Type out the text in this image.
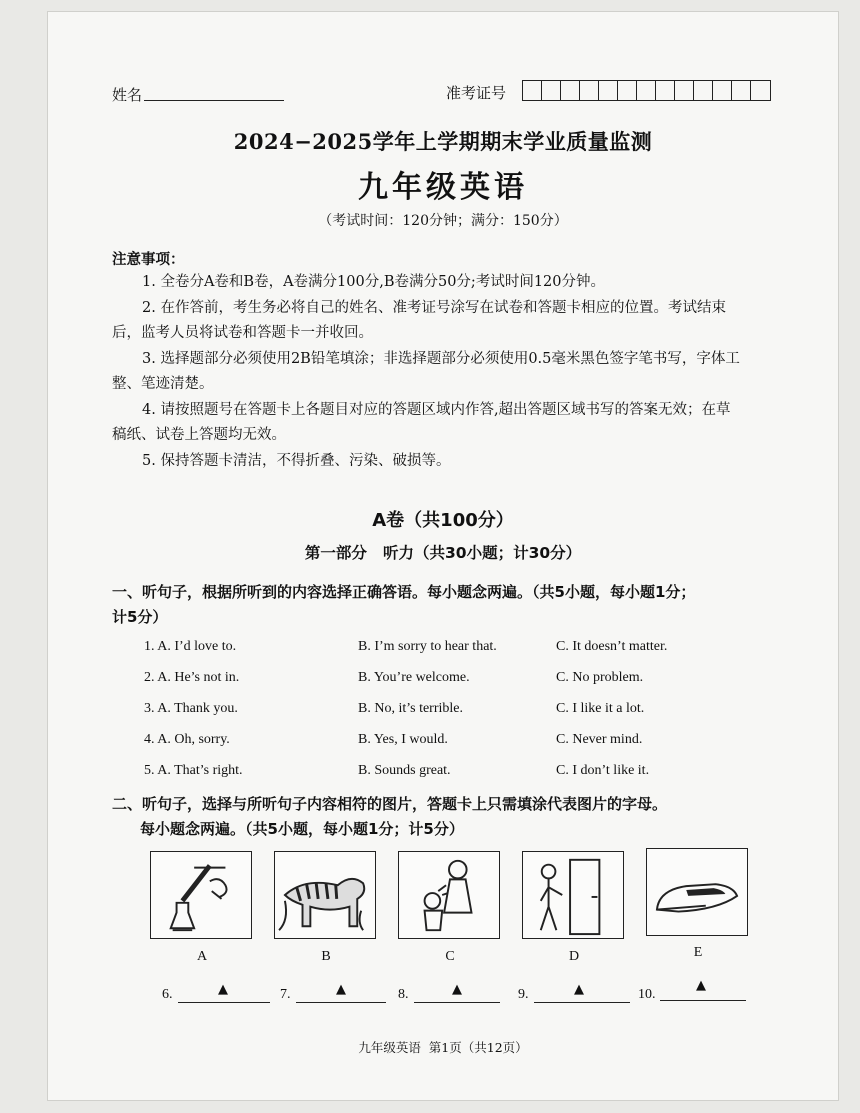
姓名	准考证号
2024−2025学年上学期期末学业质量监测
九年级英语
（考试时间：120分钟；满分：150分）
注意事项：
1. 全卷分A卷和B卷，A卷满分100分,B卷满分50分;考试时间120分钟。
2. 在作答前，考生务必将自己的姓名、准考证号涂写在试卷和答题卡相应的位置。考试结束
后，监考人员将试卷和答题卡一并收回。
3. 选择题部分必须使用2B铅笔填涂；非选择题部分必须使用0.5毫米黑色签字笔书写，字体工
整、笔迹清楚。
4. 请按照题号在答题卡上各题目对应的答题区域内作答,超出答题区域书写的答案无效；在草
稿纸、试卷上答题均无效。
5. 保持答题卡清洁，不得折叠、污染、破损等。
A卷（共100分）
第一部分   听力（共30小题；计30分）
一、听句子，根据所听到的内容选择正确答语。每小题念两遍。（共5小题，每小题1分；
计5分）
1. A. I’d love to.	B. I’m sorry to hear that.	C. It doesn’t matter.
2. A. He’s not in.	B. You’re welcome.	C. No problem.
3. A. Thank you.	B. No, it’s terrible.	C. I like it a lot.
4. A. Oh, sorry.	B. Yes, I would.	C. Never mind.
5. A. That’s right.	B. Sounds great.	C. I don’t like it.
二、听句子，选择与所听句子内容相符的图片，答题卡上只需填涂代表图片的字母。
每小题念两遍。（共5小题，每小题1分；计5分）
A	B	C	D	E
6.	▲	7.	▲	8.	▲	9.	▲	10.
▲
九年级英语  第1页（共12页）
